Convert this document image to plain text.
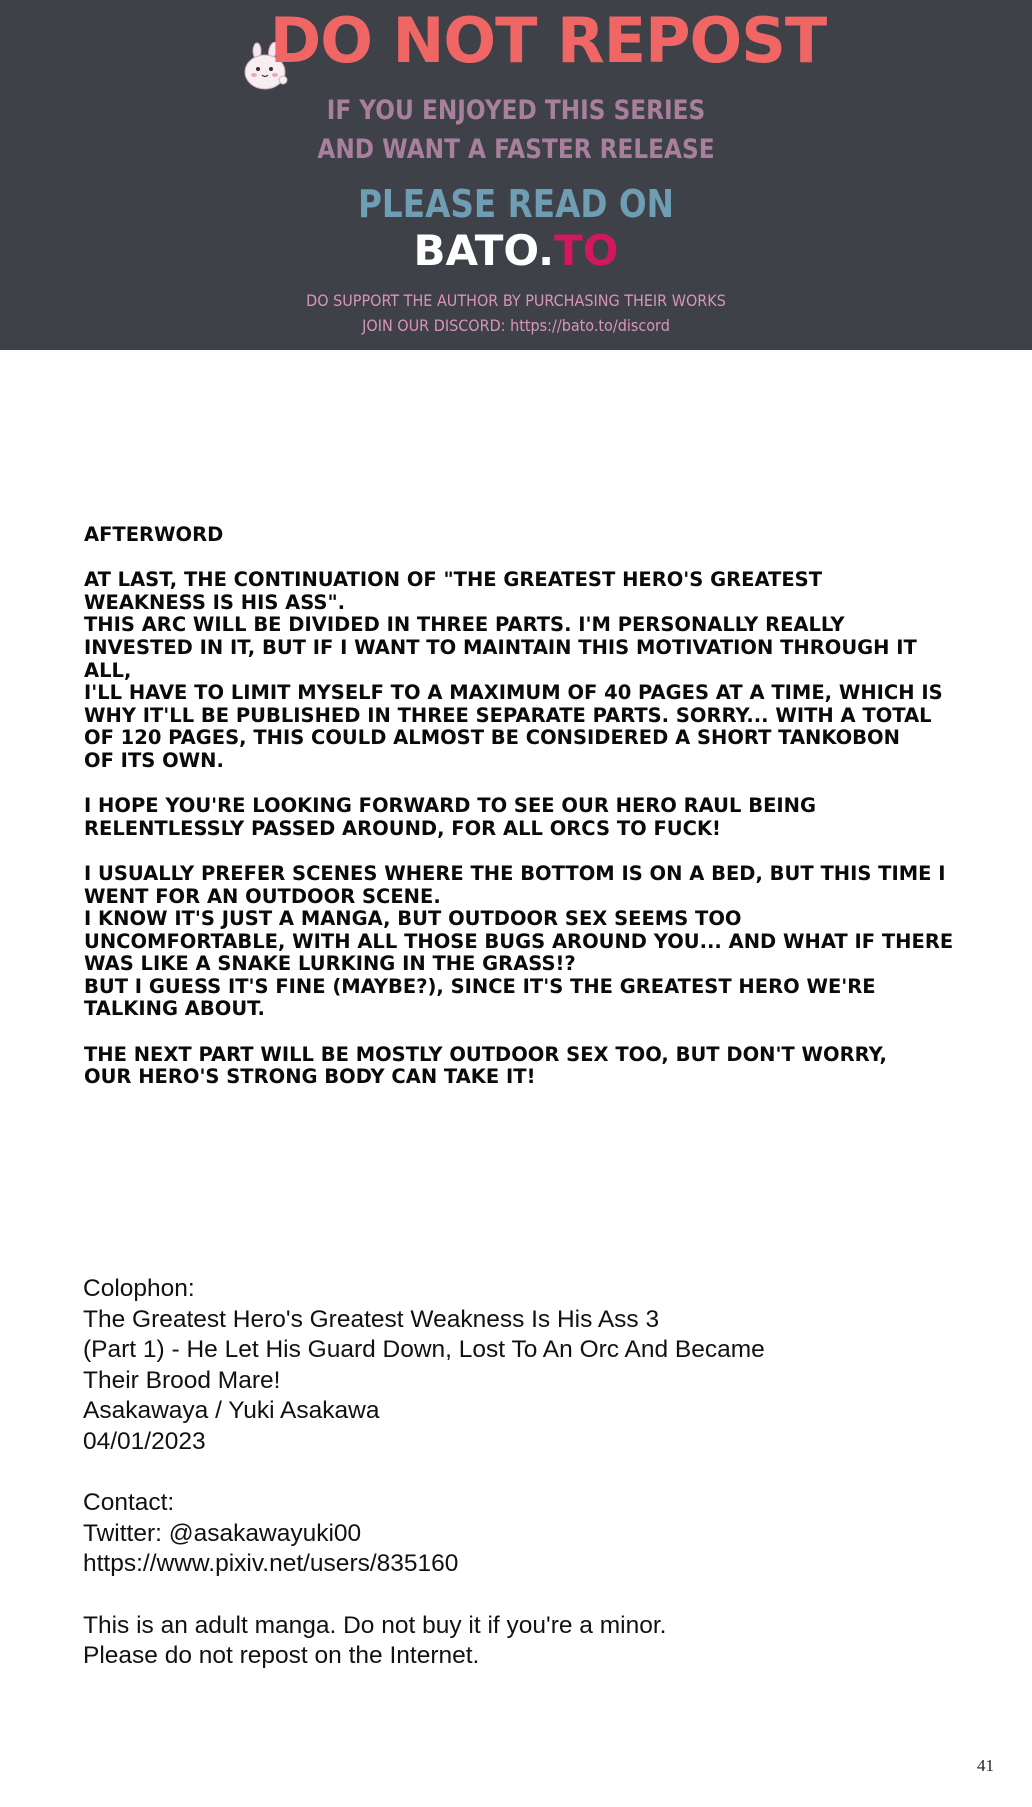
DO NOT REPOST
IF YOU ENJOYED THIS SERIES
AND WANT A FASTER RELEASE
PLEASE READ ON
BATO.TO
DO SUPPORT THE AUTHOR BY PURCHASING THEIR WORKS
JOIN OUR DISCORD: https://bato.to/discord

AFTERWORD

AT LAST, THE CONTINUATION OF "THE GREATEST HERO'S GREATEST
WEAKNESS IS HIS ASS".
THIS ARC WILL BE DIVIDED IN THREE PARTS. I'M PERSONALLY REALLY
INVESTED IN IT, BUT IF I WANT TO MAINTAIN THIS MOTIVATION THROUGH IT ALL,
I'LL HAVE TO LIMIT MYSELF TO A MAXIMUM OF 40 PAGES AT A TIME, WHICH IS
WHY IT'LL BE PUBLISHED IN THREE SEPARATE PARTS. SORRY... WITH A TOTAL
OF 120 PAGES, THIS COULD ALMOST BE CONSIDERED A SHORT TANKOBON
OF ITS OWN.

I HOPE YOU'RE LOOKING FORWARD TO SEE OUR HERO RAUL BEING
RELENTLESSLY PASSED AROUND, FOR ALL ORCS TO FUCK!

I USUALLY PREFER SCENES WHERE THE BOTTOM IS ON A BED, BUT THIS TIME I
WENT FOR AN OUTDOOR SCENE.
I KNOW IT'S JUST A MANGA, BUT OUTDOOR SEX SEEMS TOO
UNCOMFORTABLE, WITH ALL THOSE BUGS AROUND YOU... AND WHAT IF THERE
WAS LIKE A SNAKE LURKING IN THE GRASS!?
BUT I GUESS IT'S FINE (MAYBE?), SINCE IT'S THE GREATEST HERO WE'RE
TALKING ABOUT.

THE NEXT PART WILL BE MOSTLY OUTDOOR SEX TOO, BUT DON'T WORRY,
OUR HERO'S STRONG BODY CAN TAKE IT!

Colophon:
The Greatest Hero's Greatest Weakness Is His Ass 3
(Part 1) - He Let His Guard Down, Lost To An Orc And Became
Their Brood Mare!
Asakawaya / Yuki Asakawa
04/01/2023

Contact:
Twitter: @asakawayuki00
https://www.pixiv.net/users/835160

This is an adult manga. Do not buy it if you're a minor.
Please do not repost on the Internet.

41
